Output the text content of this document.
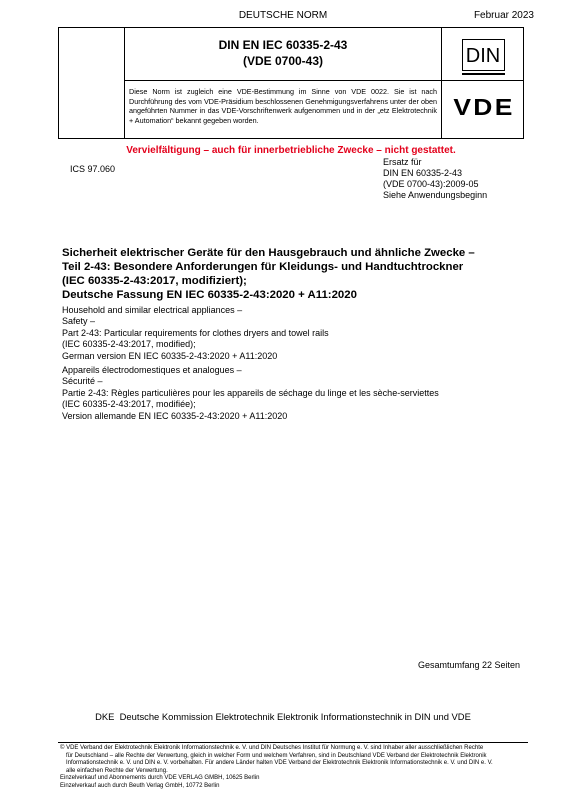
DEUTSCHE NORM	Februar 2023
DIN EN IEC 60335-2-43
(VDE 0700-43)
Diese Norm ist zugleich eine VDE-Bestimmung im Sinne von VDE 0022. Sie ist nach Durchführung des vom VDE-Präsidium beschlossenen Genehmigungsverfahrens unter der oben angeführten Nummer in das VDE-Vorschriftenwerk aufgenommen und in der „etz Elektrotechnik + Automation“ bekannt gegeben worden.
DIN
VDE
Vervielfältigung – auch für innerbetriebliche Zwecke – nicht gestattet.
ICS 97.060
Ersatz für
DIN EN 60335-2-43
(VDE 0700-43):2009-05
Siehe Anwendungsbeginn
Sicherheit elektrischer Geräte für den Hausgebrauch und ähnliche Zwecke –
Teil 2-43: Besondere Anforderungen für Kleidungs- und Handtuchtrockner
(IEC 60335-2-43:2017, modifiziert);
Deutsche Fassung EN IEC 60335-2-43:2020 + A11:2020
Household and similar electrical appliances –
Safety –
Part 2-43: Particular requirements for clothes dryers and towel rails
(IEC 60335-2-43:2017, modified);
German version EN IEC 60335-2-43:2020 + A11:2020
Appareils électrodomestiques et analogues –
Sécurité –
Partie 2-43: Règles particulières pour les appareils de séchage du linge et les sèche-serviettes
(IEC 60335-2-43:2017, modifiée);
Version allemande EN IEC 60335-2-43:2020 + A11:2020
Gesamtumfang 22 Seiten
DKE  Deutsche Kommission Elektrotechnik Elektronik Informationstechnik in DIN und VDE
© VDE Verband der Elektrotechnik Elektronik Informationstechnik e. V. und DIN Deutsches Institut für Normung e. V. sind Inhaber aller ausschließlichen Rechte
für Deutschland – alle Rechte der Verwertung, gleich in welcher Form und welchem Verfahren, sind in Deutschland VDE Verband der Elektrotechnik Elektronik
Informationstechnik e. V. und DIN e. V. vorbehalten. Für andere Länder halten VDE Verband der Elektrotechnik Elektronik Informationstechnik e. V. und DIN e. V.
alle einfachen Rechte der Verwertung.
Einzelverkauf und Abonnements durch VDE VERLAG GMBH, 10625 Berlin
Einzelverkauf auch durch Beuth Verlag GmbH, 10772 Berlin
